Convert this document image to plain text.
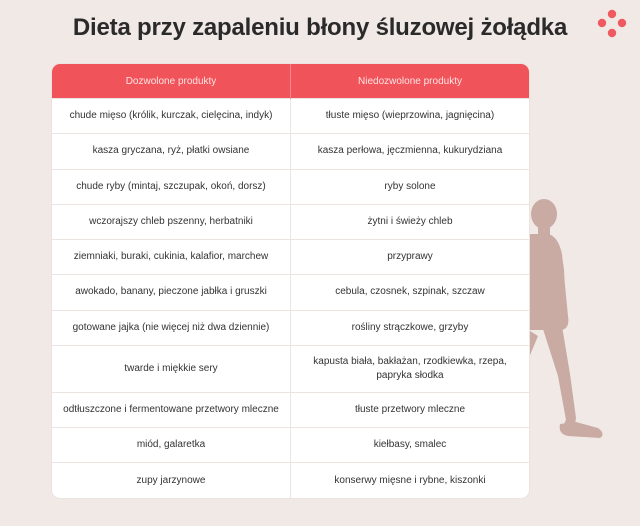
Dieta przy zapaleniu błony śluzowej żołądka
Dozwolone produkty	Niedozwolone produkty
chude mięso (królik, kurczak, cielęcina, indyk)	tłuste mięso (wieprzowina, jagnięcina)
kasza gryczana, ryż, płatki owsiane	kasza perłowa, jęczmienna, kukurydziana
chude ryby (mintaj, szczupak, okoń, dorsz)	ryby solone
wczorajszy chleb pszenny, herbatniki	żytni i świeży chleb
ziemniaki, buraki, cukinia, kalafior, marchew	przyprawy
awokado, banany, pieczone jabłka i gruszki	cebula, czosnek, szpinak, szczaw
gotowane jajka (nie więcej niż dwa dziennie)	rośliny strączkowe, grzyby
twarde i miękkie sery	kapusta biała, bakłażan, rzodkiewka, rzepa, papryka słodka
odtłuszczone i fermentowane przetwory mleczne	tłuste przetwory mleczne
miód, galaretka	kiełbasy, smalec
zupy jarzynowe	konserwy mięsne i rybne, kiszonki
